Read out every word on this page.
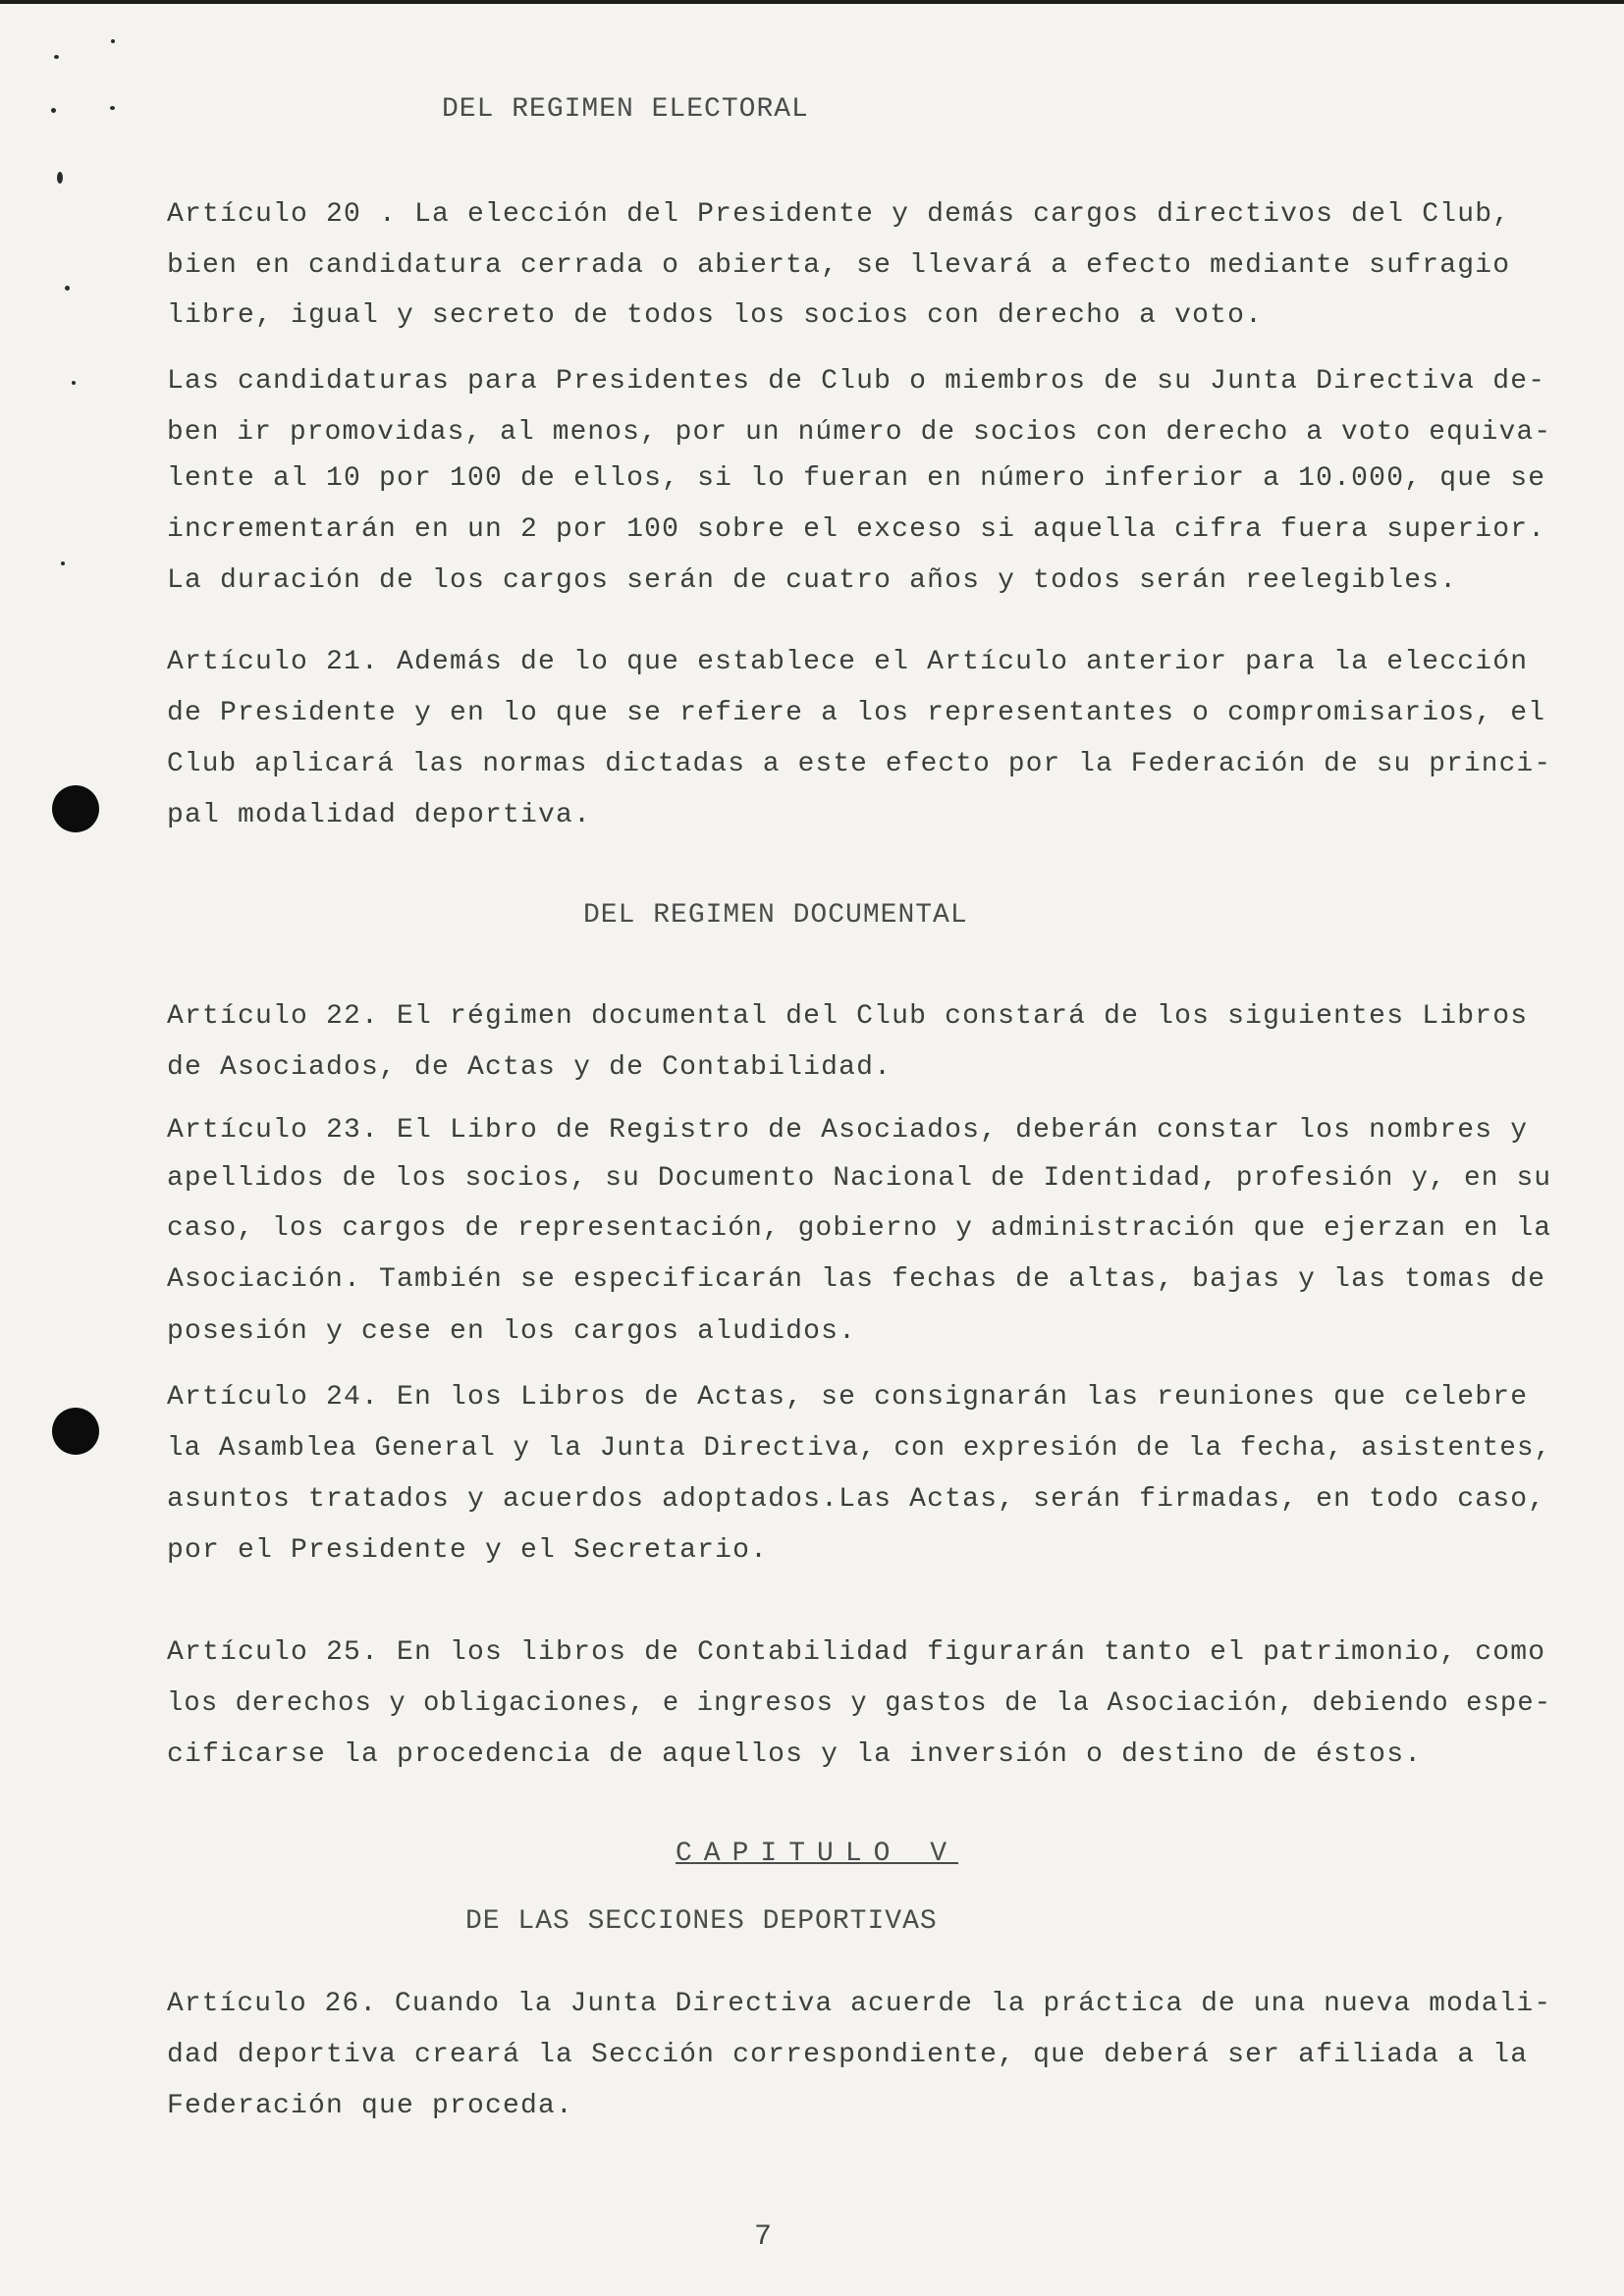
DEL REGIMEN ELECTORAL
DEL REGIMEN DOCUMENTAL
CAPITULO V
DE LAS SECCIONES DEPORTIVAS
Artículo 20 . La elección del Presidente y demás cargos directivos del Club,
bien en candidatura cerrada o abierta, se llevará a efecto mediante sufragio
libre, igual y secreto de todos los socios con derecho a voto.
Las candidaturas para Presidentes de Club o miembros de su Junta Directiva de-
ben ir promovidas, al menos, por un número de socios con derecho a voto equiva-
lente al 10 por 100 de ellos, si lo fueran en número inferior a 10.000, que se
incrementarán en un 2 por 100 sobre el exceso si aquella cifra fuera superior.
La duración de los cargos serán de cuatro años y todos serán reelegibles.
Artículo 21. Además de lo que establece el Artículo anterior para la elección
de Presidente y en lo que se refiere a los representantes o compromisarios, el
Club aplicará las normas dictadas a este efecto por la Federación de su princi-
pal modalidad deportiva.
Artículo 22. El régimen documental del Club constará de los siguientes Libros
de Asociados, de Actas y de Contabilidad.
Artículo 23. El Libro de Registro de Asociados, deberán constar los nombres y
apellidos de los socios, su Documento Nacional de Identidad, profesión y, en su
caso, los cargos de representación, gobierno y administración que ejerzan en la
Asociación. También se especificarán las fechas de altas, bajas y las tomas de
posesión y cese en los cargos aludidos.
Artículo 24. En los Libros de Actas, se consignarán las reuniones que celebre
la Asamblea General y la Junta Directiva, con expresión de la fecha, asistentes,
asuntos tratados y acuerdos adoptados.Las Actas, serán firmadas, en todo caso,
por el Presidente y el Secretario.
Artículo 25. En los libros de Contabilidad figurarán tanto el patrimonio, como
los derechos y obligaciones, e ingresos y gastos de la Asociación, debiendo espe-
cificarse la procedencia de aquellos y la inversión o destino de éstos.
Artículo 26. Cuando la Junta Directiva acuerde la práctica de una nueva modali-
dad deportiva creará la Sección correspondiente, que deberá ser afiliada a la
Federación que proceda.
7
